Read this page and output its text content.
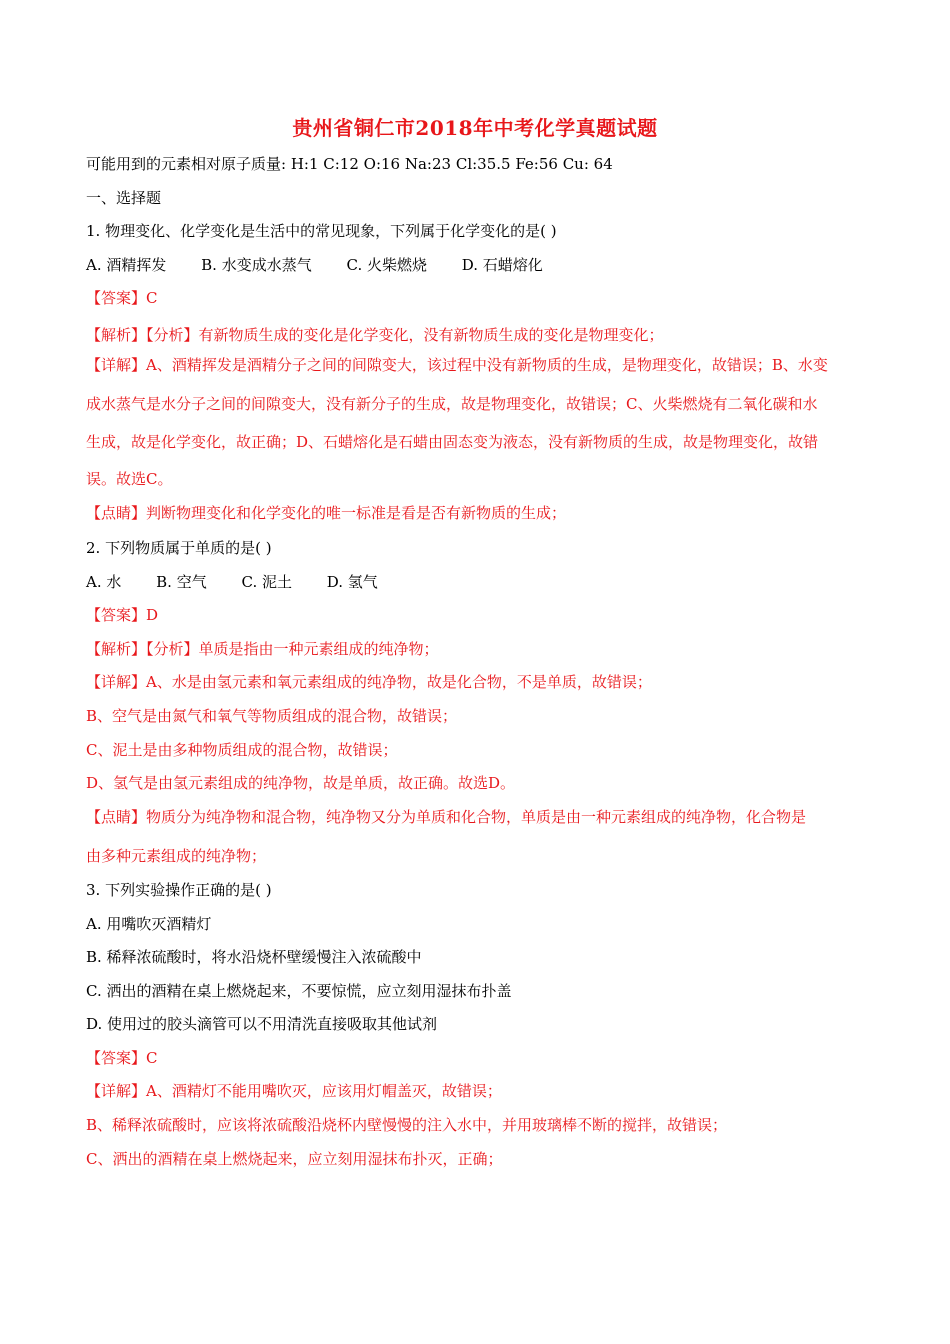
贵州省铜仁市2018年中考化学真题试题
可能用到的元素相对原子质量: H:1 C:12 O:16 Na:23 Cl:35.5 Fe:56 Cu: 64
一、选择题
1. 物理变化、化学变化是生活中的常见现象，下列属于化学变化的是( )
A. 酒精挥发 B. 水变成水蒸气 C. 火柴燃烧 D. 石蜡熔化
【答案】C
【解析】【分析】有新物质生成的变化是化学变化，没有新物质生成的变化是物理变化；
【详解】A、酒精挥发是酒精分子之间的间隙变大，该过程中没有新物质的生成，是物理变化，故错误；B、水变
成水蒸气是水分子之间的间隙变大，没有新分子的生成，故是物理变化，故错误；C、火柴燃烧有二氧化碳和水
生成，故是化学变化，故正确；D、石蜡熔化是石蜡由固态变为液态，没有新物质的生成，故是物理变化，故错
误。故选C。
【点睛】判断物理变化和化学变化的唯一标准是看是否有新物质的生成；
2. 下列物质属于单质的是( )
A. 水 B. 空气 C. 泥土 D. 氢气
【答案】D
【解析】【分析】单质是指由一种元素组成的纯净物；
【详解】A、水是由氢元素和氧元素组成的纯净物，故是化合物，不是单质，故错误；
B、空气是由氮气和氧气等物质组成的混合物，故错误；
C、泥土是由多种物质组成的混合物，故错误；
D、氢气是由氢元素组成的纯净物，故是单质，故正确。故选D。
【点睛】物质分为纯净物和混合物，纯净物又分为单质和化合物，单质是由一种元素组成的纯净物，化合物是
由多种元素组成的纯净物；
3. 下列实验操作正确的是( )
A. 用嘴吹灭酒精灯
B. 稀释浓硫酸时，将水沿烧杯壁缓慢注入浓硫酸中
C. 洒出的酒精在桌上燃烧起来，不要惊慌，应立刻用湿抹布扑盖
D. 使用过的胶头滴管可以不用清洗直接吸取其他试剂
【答案】C
【详解】A、酒精灯不能用嘴吹灭，应该用灯帽盖灭，故错误；
B、稀释浓硫酸时，应该将浓硫酸沿烧杯内壁慢慢的注入水中，并用玻璃棒不断的搅拌，故错误；
C、洒出的酒精在桌上燃烧起来，应立刻用湿抹布扑灭，正确；
